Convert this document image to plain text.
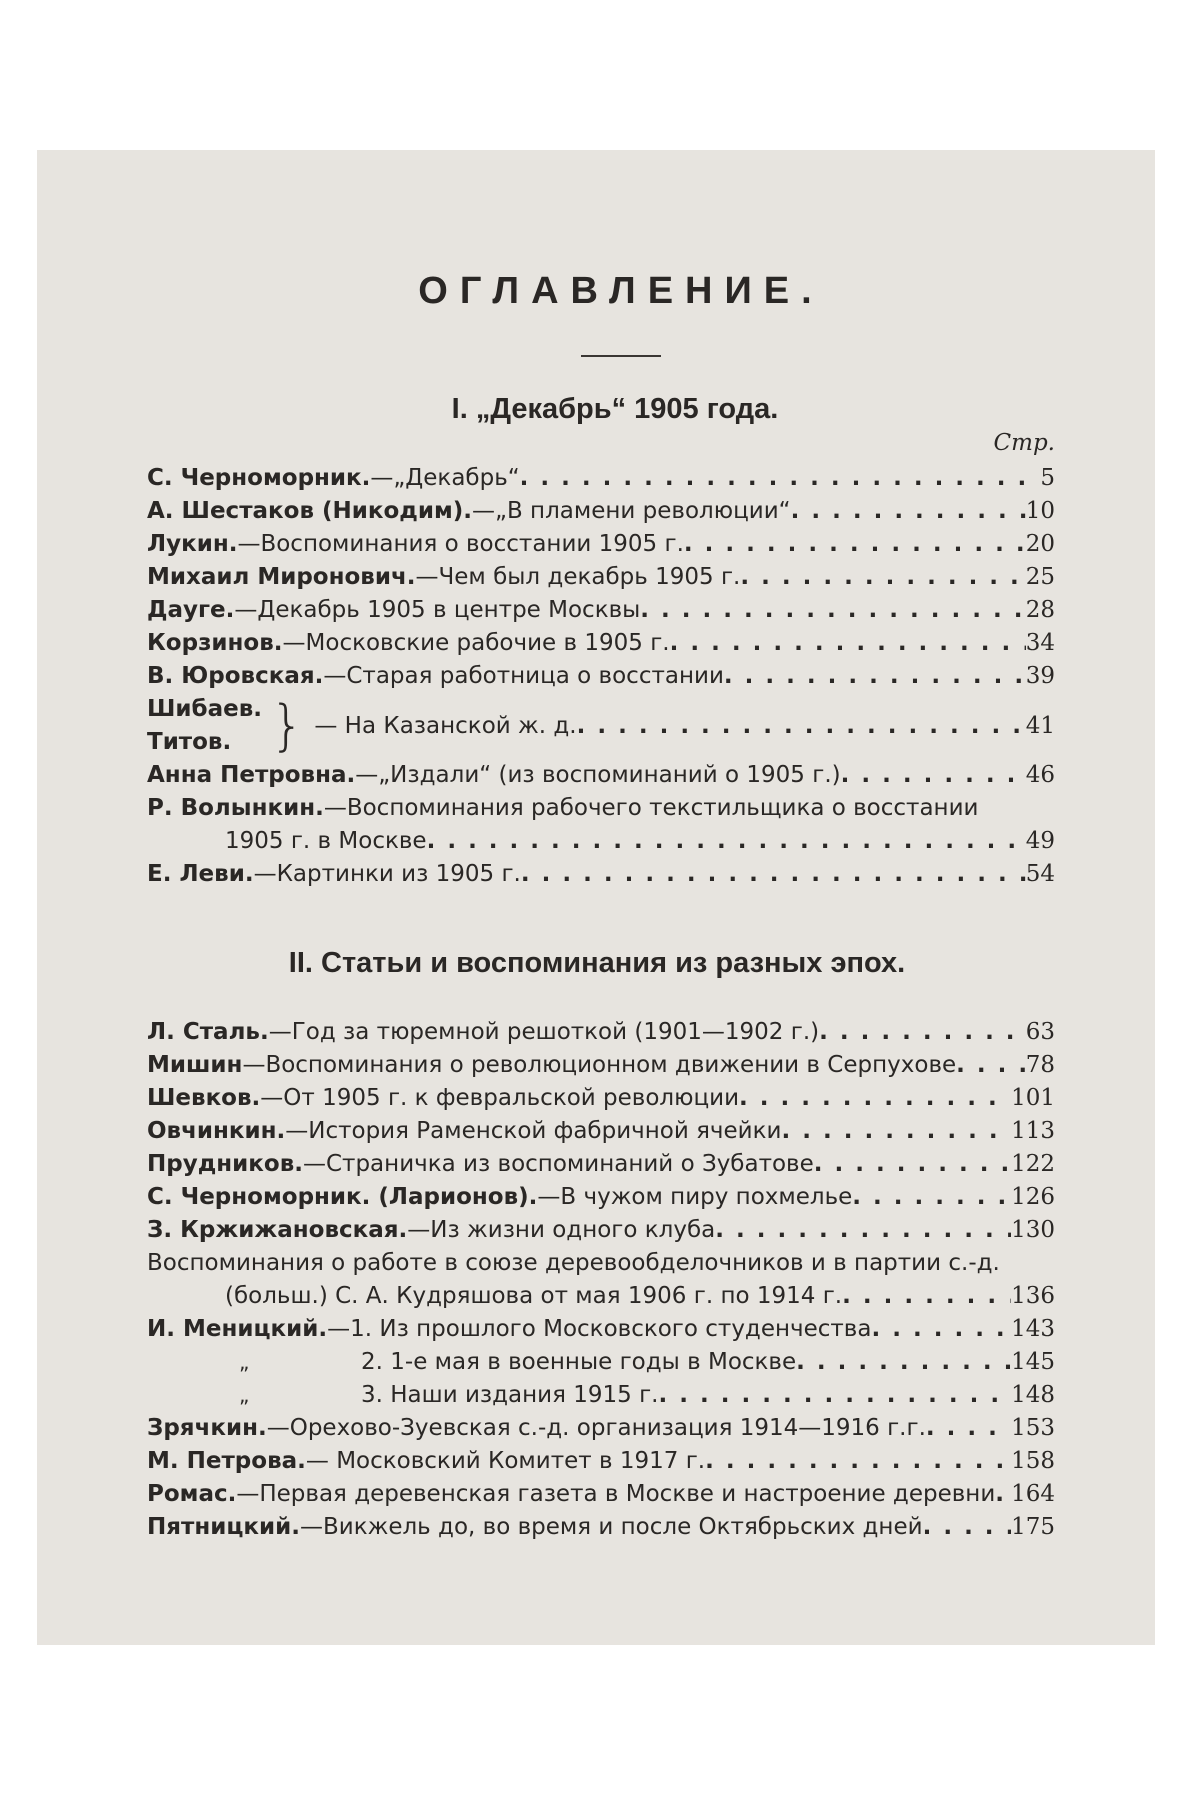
ОГЛАВЛЕНИЕ.
I. „Декабрь“ 1905 года.
Стр.
С. Черноморник. —„Декабрь“ . . .	5
А. Шестаков (Никодим). —„В пламени революции“ . . .	10
Лукин. —Воспоминания о восстании 1905 г. . . .	20
Михаил Миронович. —Чем был декабрь 1905 г. . . .	25
Дауге. —Декабрь 1905 в центре Москвы . . .	28
Корзинов. —Московские рабочие в 1905 г. . . .	34
В. Юровская. —Старая работница о восстании . . .	39
Шибаев.
Титов. } — На Казанской ж. д. . . .	41
Анна Петровна. —„Издали“ (из воспоминаний о 1905 г.) . . .	46
Р. Волынкин. —Воспоминания рабочего текстильщика о восстании
1905 г. в Москве . . .	49
Е. Леви. —Картинки из 1905 г. . . .	54
II. Статьи и воспоминания из разных эпох.
Л. Сталь. —Год за тюремной решоткой (1901—1902 г.) . . .	63
Мишин —Воспоминания о революционном движении в Серпухове . . .	78
Шевков. —От 1905 г. к февральской революции . . .	101
Овчинкин. —История Раменской фабричной ячейки . . .	113
Прудников. —Страничка из воспоминаний о Зубатове . . .	122
С. Черноморник. (Ларионов). —В чужом пиру похмелье . . .	126
З. Кржижановская. —Из жизни одного клуба . . .	130
Воспоминания о работе в союзе деревообделочников и в партии с.-д.
(больш.) С. А. Кудряшова от мая 1906 г. по 1914 г. . . .	136
И. Меницкий. —1. Из прошлого Московского студенчества . . .	143
„	2. 1-е мая в военные годы в Москве . . .	145
„	3. Наши издания 1915 г. . . .	148
Зрячкин. —Орехово-Зуевская с.-д. организация 1914—1916 г.г. . . .	153
М. Петрова. — Московский Комитет в 1917 г. . . .	158
Ромас. —Первая деревенская газета в Москве и настроение деревни . . . 164
Пятницкий. —Викжель до, во время и после Октябрьских дней . . .	175
